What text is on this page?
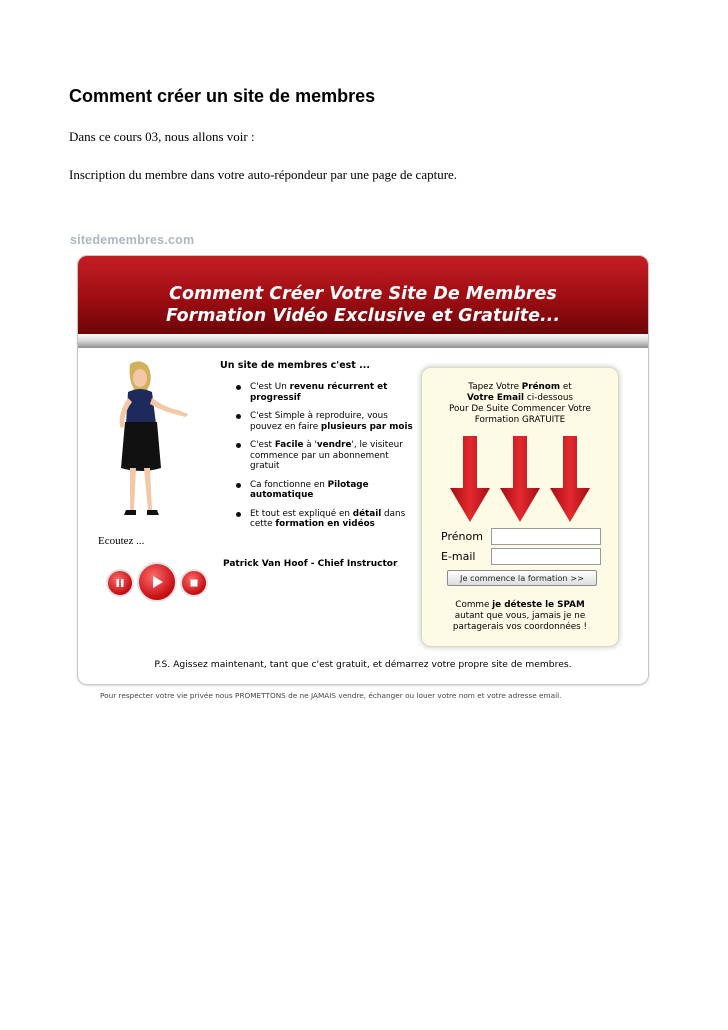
Comment créer un site de membres

Dans ce cours 03, nous allons voir :

Inscription du membre dans votre auto-répondeur par une page de capture.

sitedemembres.com
Comment Créer Votre Site De Membres
Formation Vidéo Exclusive et Gratuite...
Ecoutez ...
Un site de membres c'est ...
C'est Un revenu récurrent et progressif
C'est Simple à reproduire, vous pouvez en faire plusieurs par mois
C'est Facile à 'vendre', le visiteur commence par un abonnement gratuit
Ca fonctionne en Pilotage automatique
Et tout est expliqué en détail dans cette formation en vidéos
Patrick Van Hoof - Chief Instructor
Tapez Votre Prénom et
Votre Email ci-dessous
Pour De Suite Commencer Votre
Formation GRATUITE
Prénom
E-mail
Je commence la formation >>
Comme je déteste le SPAM
autant que vous, jamais je ne
partagerais vos coordonnées !
P.S. Agissez maintenant, tant que c'est gratuit, et démarrez votre propre site de membres.
Pour respecter votre vie privée nous PROMETTONS de ne JAMAIS vendre, échanger ou louer votre nom et votre adresse email.
